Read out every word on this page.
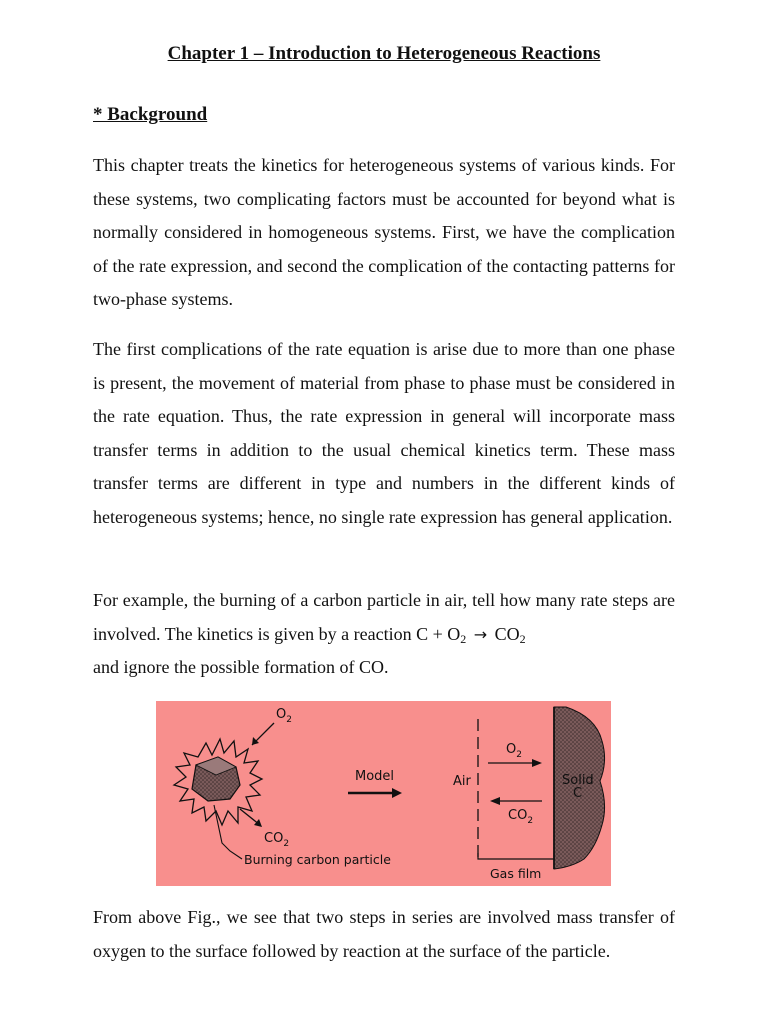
Chapter 1 – Introduction to Heterogeneous Reactions
* Background
This chapter treats the kinetics for heterogeneous systems of various kinds. For these systems, two complicating factors must be accounted for beyond what is normally considered in homogeneous systems. First, we have the complication of the rate expression, and second the complication of the contacting patterns for two-phase systems.
The first complications of the rate equation is arise due to more than one phase is present, the movement of material from phase to phase must be considered in the rate equation. Thus, the rate expression in general will incorporate mass transfer terms in addition to the usual chemical kinetics term. These mass transfer terms are different in type and numbers in the different kinds of heterogeneous systems; hence, no single rate expression has general application.
For example, the burning of a carbon particle in air, tell how many rate steps are involved. The kinetics is given by a reaction $C + O_2 \to CO_2$
and ignore the possible formation of CO.
$O_2$
$CO_2$
Burning carbon particle
Model	Air
$O_2$
$CO_2$
Solid
C
Gas film
From above Fig., we see that two steps in series are involved mass transfer of oxygen to the surface followed by reaction at the surface of the particle.
